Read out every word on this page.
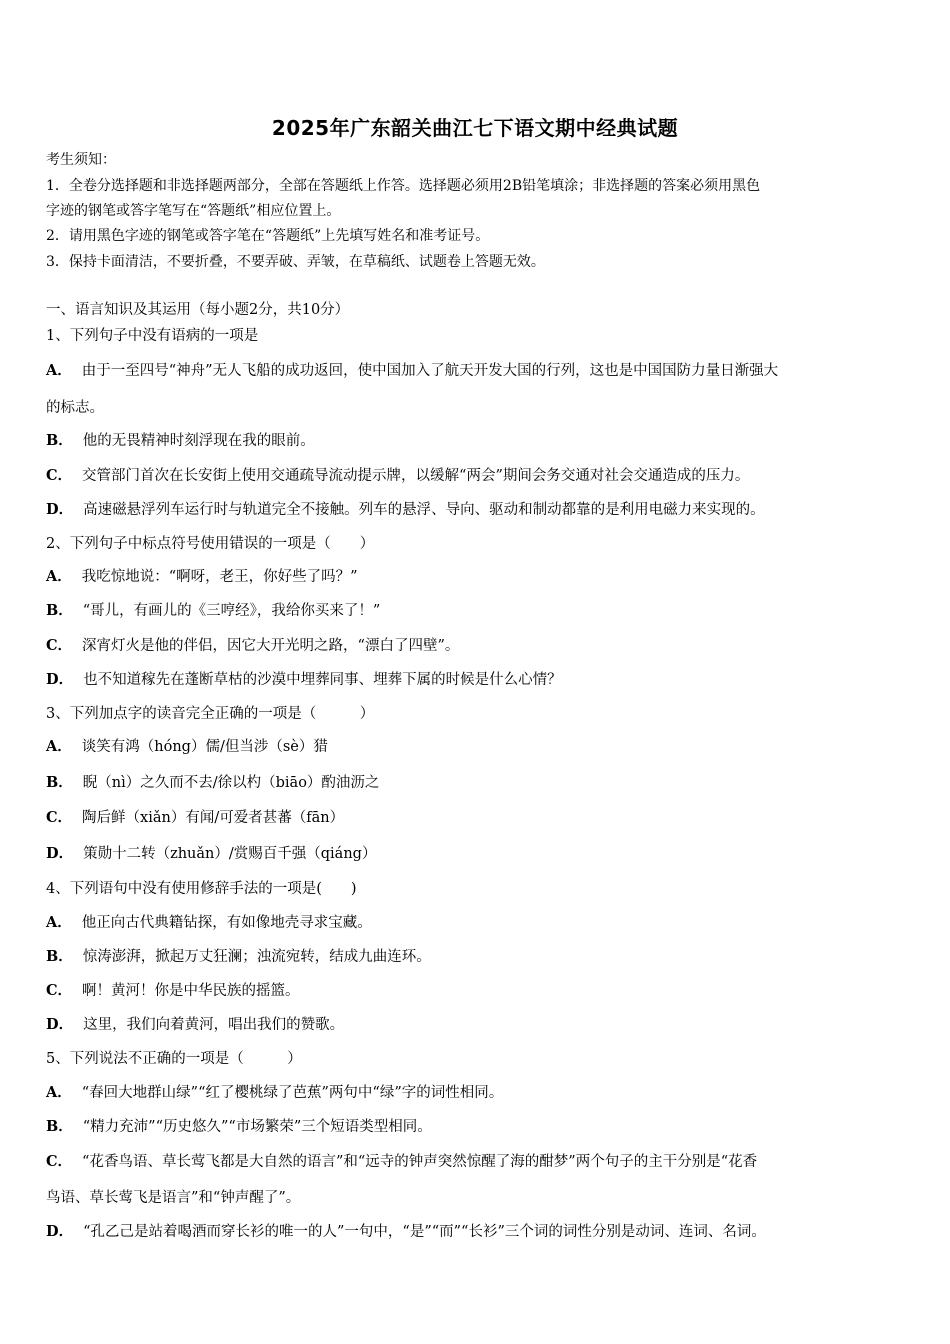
2025年广东韶关曲江七下语文期中经典试题
考生须知：
1．全卷分选择题和非选择题两部分，全部在答题纸上作答。选择题必须用2B铅笔填涂；非选择题的答案必须用黑色
字迹的钢笔或答字笔写在“答题纸”相应位置上。
2．请用黑色字迹的钢笔或答字笔在“答题纸”上先填写姓名和准考证号。
3．保持卡面清洁，不要折叠，不要弄破、弄皱，在草稿纸、试题卷上答题无效。
一、语言知识及其运用（每小题2分，共10分）
1、下列句子中没有语病的一项是
A． 由于一至四号“神舟”无人飞船的成功返回，使中国加入了航天开发大国的行列，这也是中国国防力量日渐强大
的标志。
B． 他的无畏精神时刻浮现在我的眼前。
C． 交管部门首次在长安街上使用交通疏导流动提示牌，以缓解“两会”期间会务交通对社会交通造成的压力。
D． 高速磁悬浮列车运行时与轨道完全不接触。列车的悬浮、导向、驱动和制动都靠的是利用电磁力来实现的。
2、下列句子中标点符号使用错误的一项是（　　）
A． 我吃惊地说：“啊呀，老王，你好些了吗？”
B． “哥儿，有画儿的《三哼经》，我给你买来了！”
C． 深宵灯火是他的伴侣，因它大开光明之路，“漂白了四壁”。
D． 也不知道稼先在蓬断草枯的沙漠中埋葬同事、埋葬下属的时候是什么心情？
3、下列加点字的读音完全正确的一项是（　　　）
A． 谈笑有鸿（hóng）儒/但当涉（sè）猎
B． 睨（nì）之久而不去/徐以杓（biāo）酌油沥之
C． 陶后鲜（xiǎn）有闻/可爱者甚蕃（fān）
D． 策勋十二转（zhuǎn）/赏赐百千强（qiáng）
4、下列语句中没有使用修辞手法的一项是(　　)
A． 他正向古代典籍钻探，有如像地壳寻求宝藏。
B． 惊涛澎湃，掀起万丈狂澜；浊流宛转，结成九曲连环。
C． 啊！黄河！你是中华民族的摇篮。
D． 这里，我们向着黄河，唱出我们的赞歌。
5、下列说法不正确的一项是（　　　）
A． “春回大地群山绿”“红了樱桃绿了芭蕉”两句中“绿”字的词性相同。
B． “精力充沛”“历史悠久”“市场繁荣”三个短语类型相同。
C． “花香鸟语、草长莺飞都是大自然的语言”和“远寺的钟声突然惊醒了海的酣梦”两个句子的主干分别是“花香
鸟语、草长莺飞是语言”和“钟声醒了”。
D． “孔乙己是站着喝酒而穿长衫的唯一的人”一句中，“是”“而”“长衫”三个词的词性分别是动词、连词、名词。
